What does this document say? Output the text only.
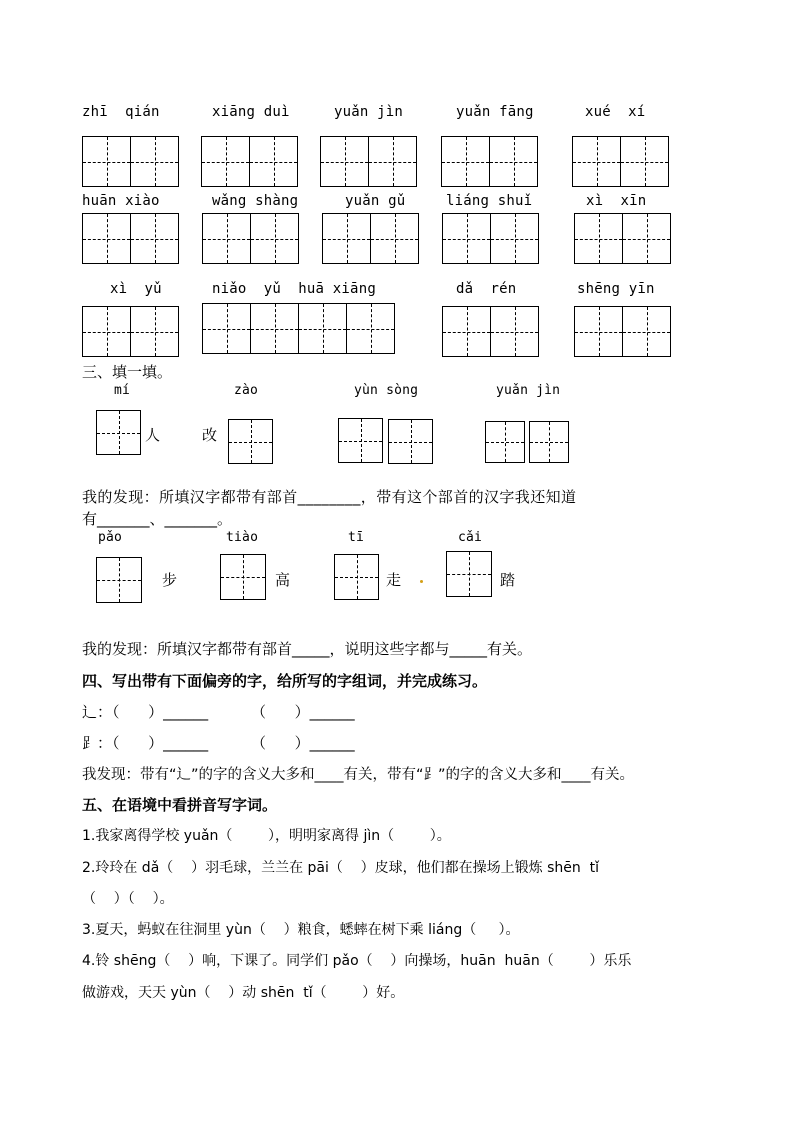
zhī  qián	xiāng duì	yuǎn jìn	yuǎn fāng	xué  xí
huān xiào	wǎng shàng	yuǎn gǔ	liáng shuǐ	xì  xīn
xì  yǔ	niǎo  yǔ  huā xiāng	dǎ  rén	shēng yīn
三、填一填。
mí
人
zào
改
yùn sòng	yuǎn jìn
我的发现：所填汉字都带有部首________，带有这个部首的汉字我还知道
有_______、_______。
pǎo
步
tiào
高
tī
走
cǎi
踏
我的发现：所填汉字都带有部首_____，说明这些字都与_____有关。
四、写出带有下面偏旁的字，给所写的字组词，并完成练习。
辶：（      ）______         （      ）______
⻊：（      ）______         （      ）______
我发现：带有“辶”的字的含义大多和____有关，带有“⻊”的字的含义大多和____有关。
五、在语境中看拼音写字词。
1.我家离得学校 yuǎn（        ），明明家离得 jìn（        ）。
2.玲玲在 dǎ（    ）羽毛球，兰兰在 pāi（    ）皮球，他们都在操场上锻炼 shēn  tǐ
（    ）（    ）。
3.夏天，蚂蚁在往洞里 yùn（    ）粮食，蟋蟀在树下乘 liáng（     ）。
4.铃 shēng（    ）响，下课了。同学们 pǎo（    ）向操场，huān  huān（        ）乐乐
做游戏，天天 yùn（    ）动 shēn  tǐ（        ）好。
